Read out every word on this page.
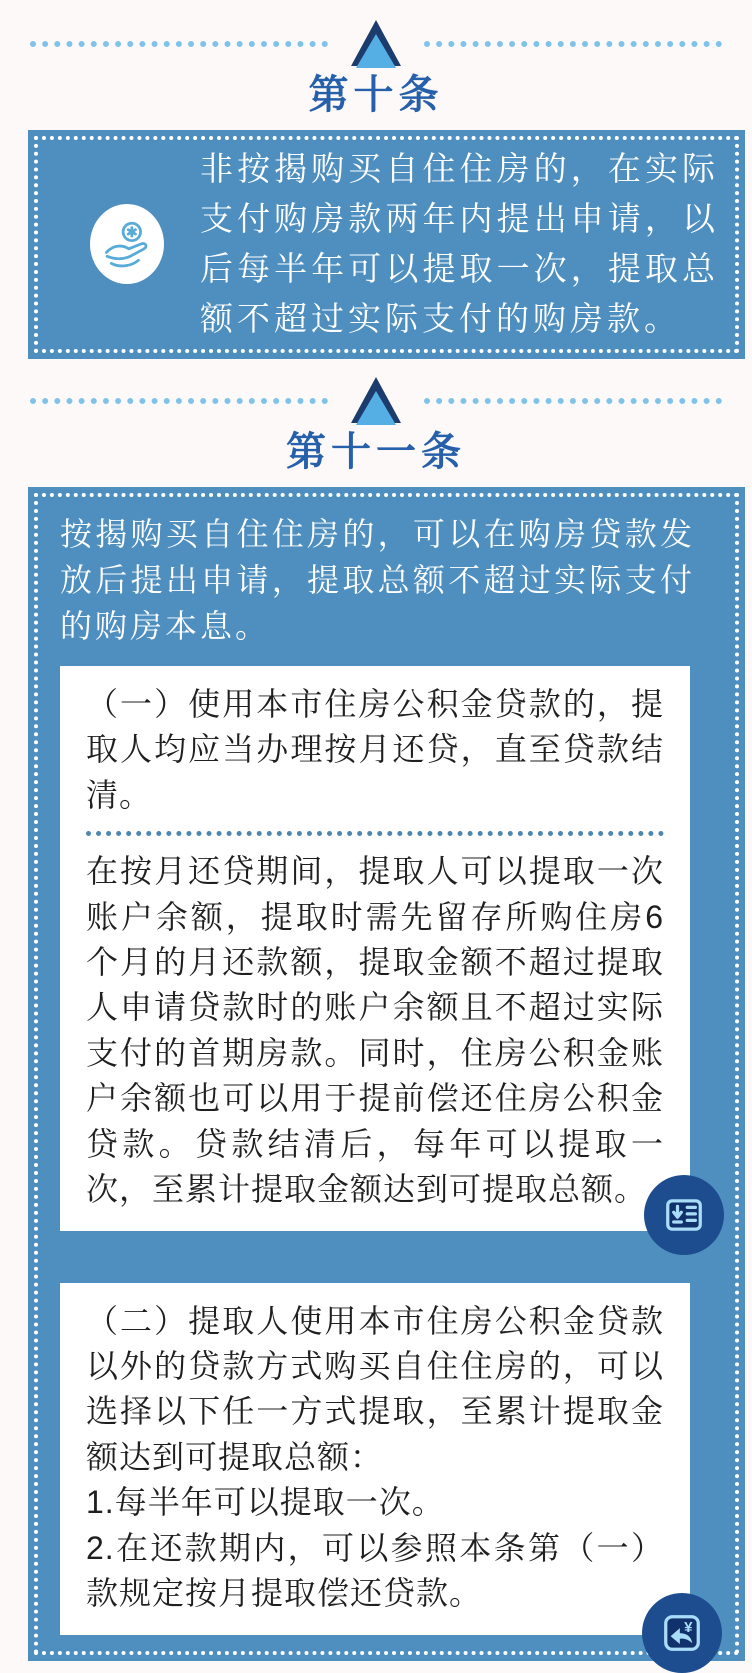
第十条

非按揭购买自住住房的，在实际支付购房款两年内提出申请，以后每半年可以提取一次，提取总额不超过实际支付的购房款。

第十一条

按揭购买自住住房的，可以在购房贷款发放后提出申请，提取总额不超过实际支付的购房本息。

（一）使用本市住房公积金贷款的，提取人均应当办理按月还贷，直至贷款结清。

在按月还贷期间，提取人可以提取一次账户余额，提取时需先留存所购住房6个月的月还款额，提取金额不超过提取人申请贷款时的账户余额且不超过实际支付的首期房款。同时，住房公积金账户余额也可以用于提前偿还住房公积金贷款。贷款结清后，每年可以提取一次，至累计提取金额达到可提取总额。

（二）提取人使用本市住房公积金贷款以外的贷款方式购买自住住房的，可以选择以下任一方式提取，至累计提取金额达到可提取总额：

1.每半年可以提取一次。

2.在还款期内，可以参照本条第（一）款规定按月提取偿还贷款。

¥
